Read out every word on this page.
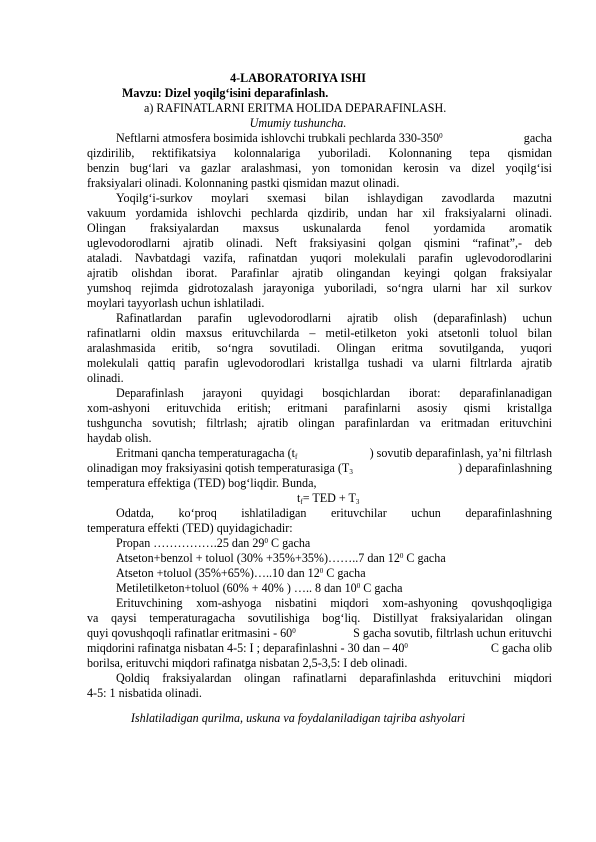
4-LABORATORIYA ISHI
Mavzu: Dizel yoqilg‘isini deparafinlash.
a) RAFINATLARNI ERITMA HOLIDA DEPARAFINLASH.
Umumiy tushuncha.
Neftlarni atmosfera bosimida ishlovchi trubkali pechlarda $330-350^0$	gacha
qizdirilib, rektifikatsiya kolonnalariga yuboriladi. Kolonnaning tepa qismidan
benzin bug‘lari va gazlar aralashmasi, yon tomonidan kerosin va dizel yoqilg‘isi
fraksiyalari olinadi. Kolonnaning pastki qismidan mazut olinadi.
Yoqilg‘i-surkov moylari sxemasi bilan ishlaydigan zavodlarda mazutni
vakuum yordamida ishlovchi pechlarda qizdirib, undan har xil fraksiyalarni olinadi.
Olingan fraksiyalardan maxsus uskunalarda fenol yordamida aromatik
uglevodorodlarni ajratib olinadi. Neft fraksiyasini qolgan qismini “rafinat”,- deb
ataladi. Navbatdagi vazifa, rafinatdan yuqori molekulali parafin uglevodorodlarini
ajratib olishdan iborat. Parafinlar ajratib olingandan keyingi qolgan fraksiyalar
yumshoq rejimda gidrotozalash jarayoniga yuboriladi, so‘ngra ularni har xil surkov
moylari tayyorlash uchun ishlatiladi.
Rafinatlardan parafin uglevodorodlarni ajratib olish (deparafinlash) uchun
rafinatlarni oldin maxsus erituvchilarda – metil-etilketon yoki atsetonli toluol bilan
aralashmasida eritib, so‘ngra sovutiladi. Olingan eritma sovutilganda, yuqori
molekulali qattiq parafin uglevodorodlari kristallga tushadi va ularni filtrlarda ajratib
olinadi.
Deparafinlash jarayoni quyidagi bosqichlardan iborat: deparafinlanadigan
xom-ashyoni erituvchida eritish; eritmani parafinlarni asosiy qismi kristallga
tushguncha sovutish; filtrlash; ajratib olingan parafinlardan va eritmadan erituvchini
haydab olish.
Eritmani qancha temperaturagacha ($t_f$	) sovutib deparafinlash, ya’ni filtrlash
olinadigan moy fraksiyasini qotish temperaturasiga ($T_3$	) deparafinlashning
temperatura effektiga (TED) bog‘liqdir. Bunda,
$t_f=$ TED + $T_3$
Odatda, ko‘proq ishlatiladigan erituvchilar uchun deparafinlashning
temperatura effekti (TED) quyidagichadir:
Propan …………….25 dan $29^0$ C gacha
Atseton+benzol + toluol (30% +35%+35%)……..7 dan $12^0$ C gacha
Atseton +toluol (35%+65%)…..10 dan $12^0$ C gacha
Metiletilketon+toluol (60% + 40% ) ….. 8 dan $10^0$ C gacha
Erituvchining xom-ashyoga nisbatini miqdori xom-ashyoning qovushqoqligiga
va qaysi temperaturagacha sovutilishiga bog‘liq. Distillyat fraksiyalaridan olingan
quyi qovushqoqli rafinatlar eritmasini - $60^0$	S gacha sovutib, filtrlash uchun erituvchi
miqdorini rafinatga nisbatan 4-5: I ; deparafinlashni - 30 dan – $40^0$	C gacha olib
borilsa, erituvchi miqdori rafinatga nisbatan 2,5-3,5: I deb olinadi.
Qoldiq fraksiyalardan olingan rafinatlarni deparafinlashda erituvchini miqdori
4-5: 1 nisbatida olinadi.
Ishlatiladigan qurilma, uskuna va foydalaniladigan tajriba ashyolari
